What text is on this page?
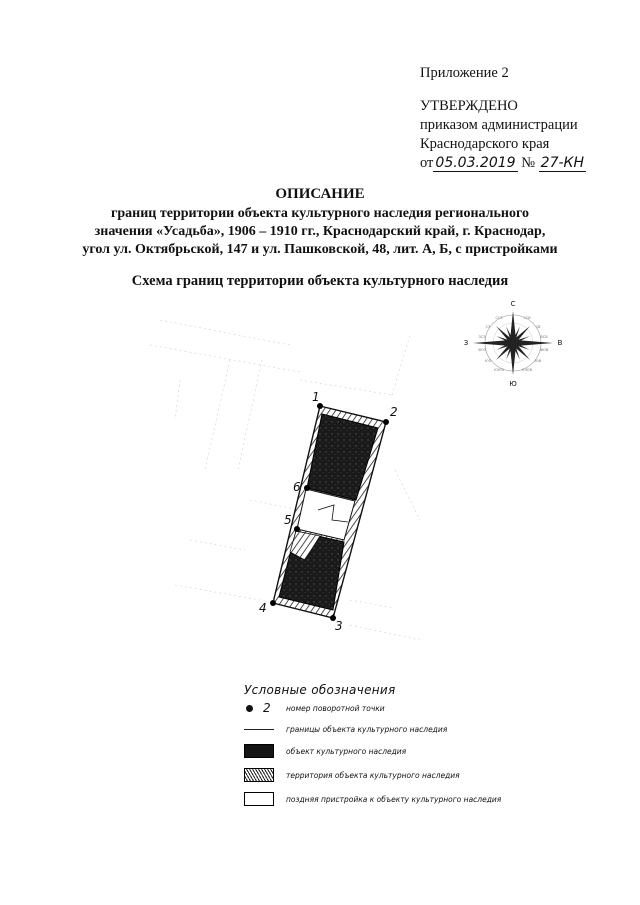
Приложение 2
УТВЕРЖДЕНО
приказом администрации
Краснодарского края
от 05.03.2019 № 27-КН
ОПИСАНИЕ
границ территории объекта культурного наследия регионального
значения «Усадьба», 1906 – 1910 гг., Краснодарский край, г. Краснодар,
угол ул. Октябрьской, 147 и ул. Пашковской, 48, лит. А, Б, с пристройками
Схема границ территории объекта культурного наследия
1
2
3
4
5
6
ССЗ	ССВ
СЗ	СВ
ЗСЗ	ВСВ
ЗЮЗ	ВЮВ
ЮЗ	ЮВ
ЮЮЗ	ЮЮВ
С
Ю
З	В
Условные обозначения
2 номер поворотной точки
границы объекта культурного наследия
объект культурного наследия
территория объекта культурного наследия
поздняя пристройка к объекту культурного наследия
